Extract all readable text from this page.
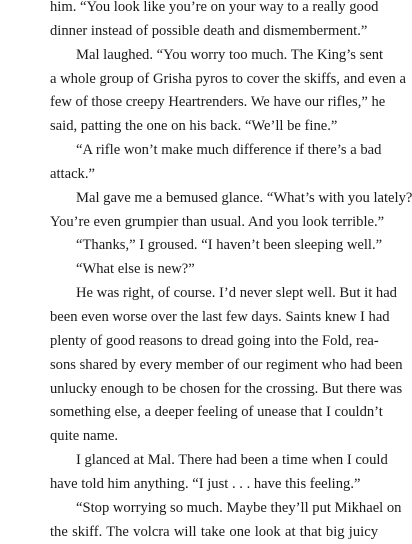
him. “You look like you’re on your way to a really good
dinner instead of possible death and dismemberment.”
Mal laughed. “You worry too much. The King’s sent
a whole group of Grisha pyros to cover the skiffs, and even a
few of those creepy Heartrenders. We have our rifles,” he
said, patting the one on his back. “We’ll be fine.”
“A rifle won’t make much difference if there’s a bad
attack.”
Mal gave me a bemused glance. “What’s with you lately?
You’re even grumpier than usual. And you look terrible.”
“Thanks,” I groused. “I haven’t been sleeping well.”
“What else is new?”
He was right, of course. I’d never slept well. But it had
been even worse over the last few days. Saints knew I had
plenty of good reasons to dread going into the Fold, rea-
sons shared by every member of our regiment who had been
unlucky enough to be chosen for the crossing. But there was
something else, a deeper feeling of unease that I couldn’t
quite name.
I glanced at Mal. There had been a time when I could
have told him anything. “I just . . . have this feeling.”
“Stop worrying so much. Maybe they’ll put Mikhael on
the skiff. The volcra will take one look at that big juicy
